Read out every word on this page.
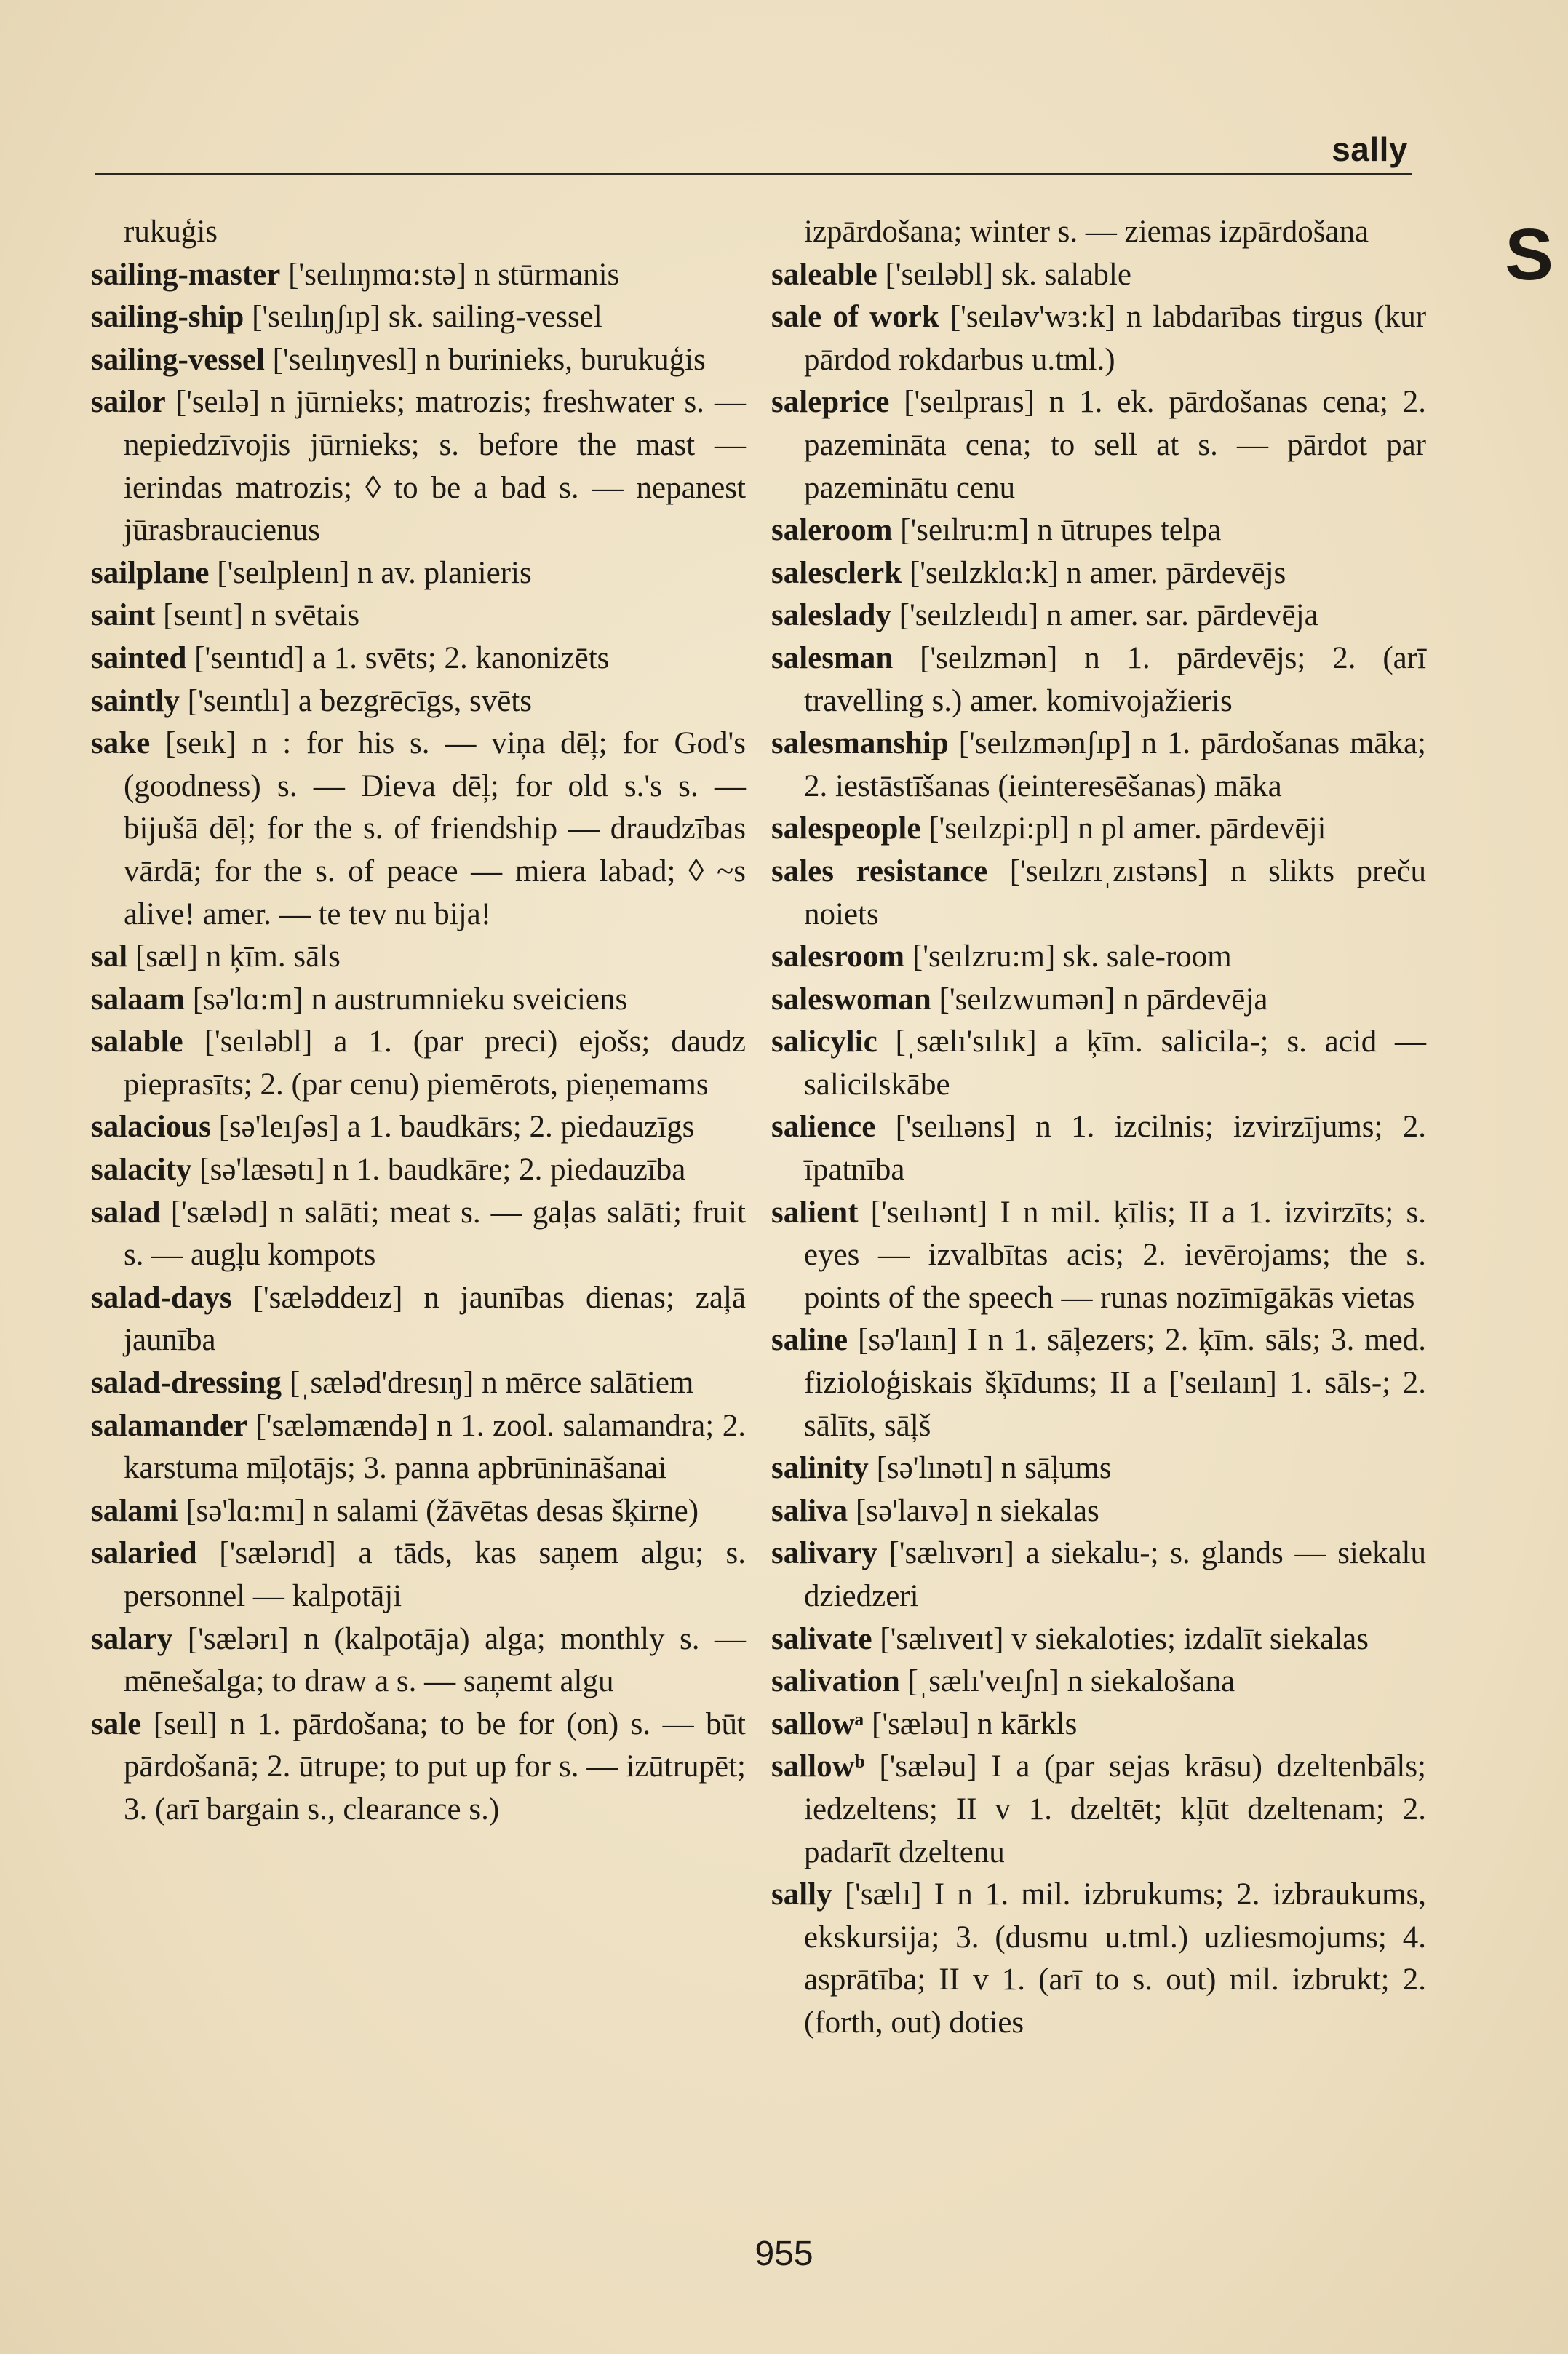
sally
S
rukuģis
sailing-master ['seılıŋmɑ:stə] n stūrmanis
sailing-ship ['seılıŋʃıp] sk. sailing-vessel
sailing-vessel ['seılıŋvesl] n burinieks, burukuģis
sailor ['seılə] n jūrnieks; matrozis; freshwater s. — nepiedzīvojis jūrnieks; s. before the mast — ierindas matrozis; ◊ to be a bad s. — nepanest jūrasbraucienus
sailplane ['seılpleın] n av. planieris
saint [seınt] n svētais
sainted ['seıntıd] a 1. svēts; 2. kanonizēts
saintly ['seıntlı] a bezgrēcīgs, svēts
sake [seık] n : for his s. — viņa dēļ; for God's (goodness) s. — Dieva dēļ; for old s.'s s. — bijušā dēļ; for the s. of friendship — draudzības vārdā; for the s. of peace — miera labad; ◊ ~s alive! amer. — te tev nu bija!
sal [sæl] n ķīm. sāls
salaam [sə'lɑ:m] n austrumnieku sveiciens
salable ['seıləbl] a 1. (par preci) ejošs; daudz pieprasīts; 2. (par cenu) piemērots, pieņemams
salacious [sə'leıʃəs] a 1. baudkārs; 2. piedauzīgs
salacity [sə'læsətı] n 1. baudkāre; 2. piedauzība
salad ['sæləd] n salāti; meat s. — gaļas salāti; fruit s. — augļu kompots
salad-days ['sæləddeız] n jaunības dienas; zaļā jaunība
salad-dressing [ˌsæləd'dresıŋ] n mērce salātiem
salamander ['sæləmændə] n 1. zool. salamandra; 2. karstuma mīļotājs; 3. panna apbrūnināšanai
salami [sə'lɑ:mı] n salami (žāvētas desas šķirne)
salaried ['sælərıd] a tāds, kas saņem algu; s. personnel — kalpotāji
salary ['sælərı] n (kalpotāja) alga; monthly s. — mēnešalga; to draw a s. — saņemt algu
sale [seıl] n 1. pārdošana; to be for (on) s. — būt pārdošanā; 2. ūtrupe; to put up for s. — izūtrupēt; 3. (arī bargain s., clearance s.)
izpārdošana; winter s. — ziemas izpārdošana
saleable ['seıləbl] sk. salable
sale of work ['seıləv'wɜ:k] n labdarības tirgus (kur pārdod rokdarbus u.tml.)
saleprice ['seılpraıs] n 1. ek. pārdošanas cena; 2. pazemināta cena; to sell at s. — pārdot par pazeminātu cenu
saleroom ['seılru:m] n ūtrupes telpa
salesclerk ['seılzklɑ:k] n amer. pārdevējs
saleslady ['seılzleıdı] n amer. sar. pārdevēja
salesman ['seılzmən] n 1. pārdevējs; 2. (arī travelling s.) amer. komivojažieris
salesmanship ['seılzmənʃıp] n 1. pārdošanas māka; 2. iestāstīšanas (ieinteresēšanas) māka
salespeople ['seılzpi:pl] n pl amer. pārdevēji
sales resistance ['seılzrıˌzıstəns] n slikts preču noiets
salesroom ['seılzru:m] sk. sale-room
saleswoman ['seılzwumən] n pārdevēja
salicylic [ˌsælı'sılık] a ķīm. salicila-; s. acid — salicilskābe
salience ['seılıəns] n 1. izcilnis; izvirzījums; 2. īpatnība
salient ['seılıənt] I n mil. ķīlis; II a 1. izvirzīts; s. eyes — izvalbītas acis; 2. ievērojams; the s. points of the speech — runas nozīmīgākās vietas
saline [sə'laın] I n 1. sāļezers; 2. ķīm. sāls; 3. med. fizioloģiskais šķīdums; II a ['seılaın] 1. sāls-; 2. sālīts, sāļš
salinity [sə'lınətı] n sāļums
saliva [sə'laıvə] n siekalas
salivary ['sælıvərı] a siekalu-; s. glands — siekalu dziedzeri
salivate ['sælıveıt] v siekaloties; izdalīt siekalas
salivation [ˌsælı'veıʃn] n siekalošana
sallowᵃ ['sæləu] n kārkls
sallowᵇ ['sæləu] I a (par sejas krāsu) dzeltenbāls; iedzeltens; II v 1. dzeltēt; kļūt dzeltenam; 2. padarīt dzeltenu
sally ['sælı] I n 1. mil. izbrukums; 2. izbraukums, ekskursija; 3. (dusmu u.tml.) uzliesmojums; 4. asprātība; II v 1. (arī to s. out) mil. izbrukt; 2. (forth, out) doties
955
